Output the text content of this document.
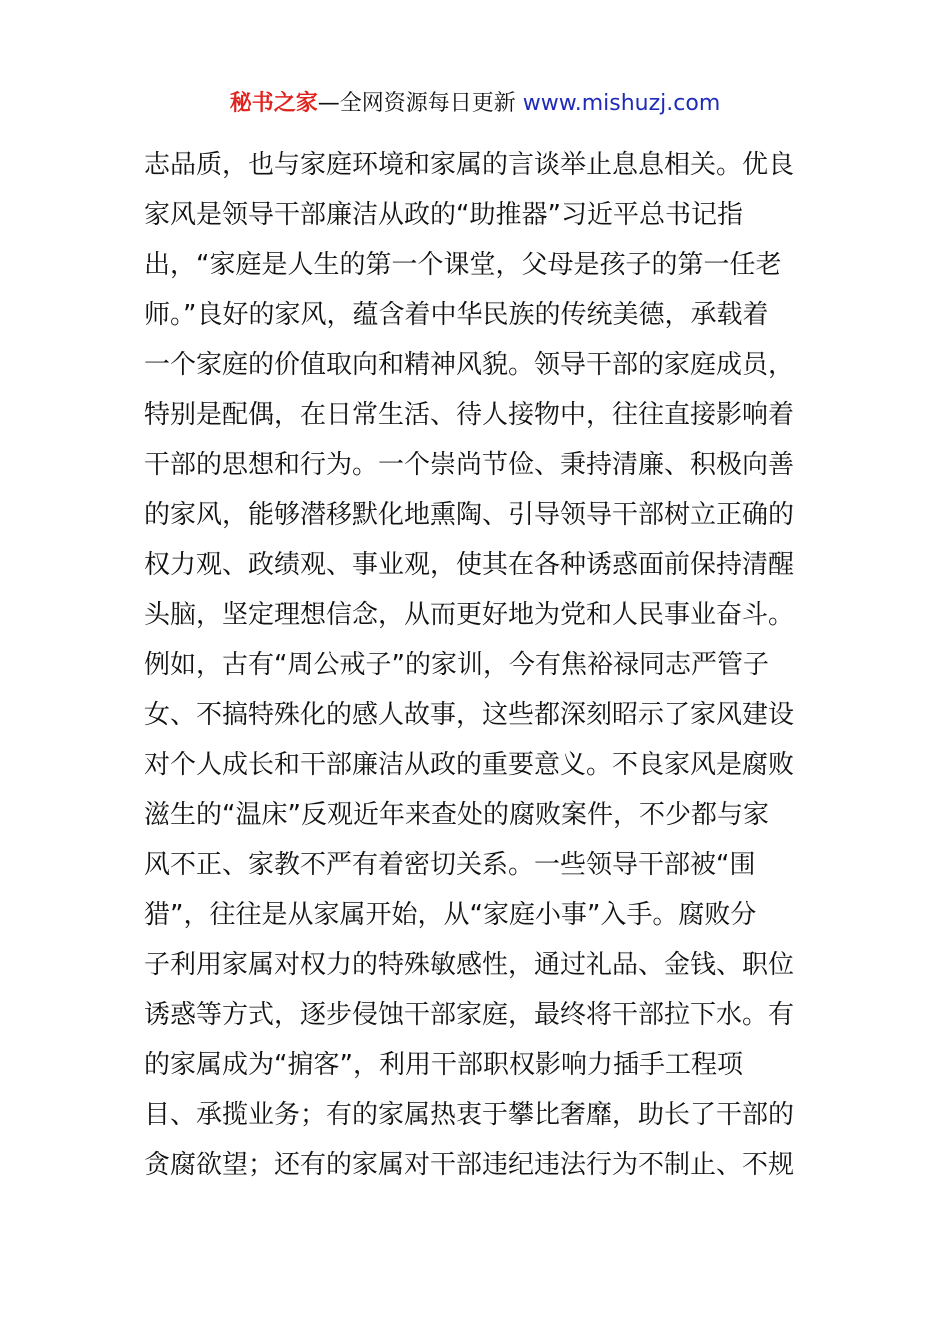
秘书之家—全网资源每日更新 www.mishuzj.com
志品质，也与家庭环境和家属的言谈举止息息相关。优良
家风是领导干部廉洁从政的“助推器”习近平总书记指
出，“家庭是人生的第一个课堂，父母是孩子的第一任老
师。”良好的家风，蕴含着中华民族的传统美德，承载着
一个家庭的价值取向和精神风貌。领导干部的家庭成员，
特别是配偶，在日常生活、待人接物中，往往直接影响着
干部的思想和行为。一个崇尚节俭、秉持清廉、积极向善
的家风，能够潜移默化地熏陶、引导领导干部树立正确的
权力观、政绩观、事业观，使其在各种诱惑面前保持清醒
头脑，坚定理想信念，从而更好地为党和人民事业奋斗。
例如，古有“周公戒子”的家训，今有焦裕禄同志严管子
女、不搞特殊化的感人故事，这些都深刻昭示了家风建设
对个人成长和干部廉洁从政的重要意义。不良家风是腐败
滋生的“温床”反观近年来查处的腐败案件，不少都与家
风不正、家教不严有着密切关系。一些领导干部被“围
猎”，往往是从家属开始，从“家庭小事”入手。腐败分
子利用家属对权力的特殊敏感性，通过礼品、金钱、职位
诱惑等方式，逐步侵蚀干部家庭，最终将干部拉下水。有
的家属成为“掮客”，利用干部职权影响力插手工程项
目、承揽业务；有的家属热衷于攀比奢靡，助长了干部的
贪腐欲望；还有的家属对干部违纪违法行为不制止、不规
